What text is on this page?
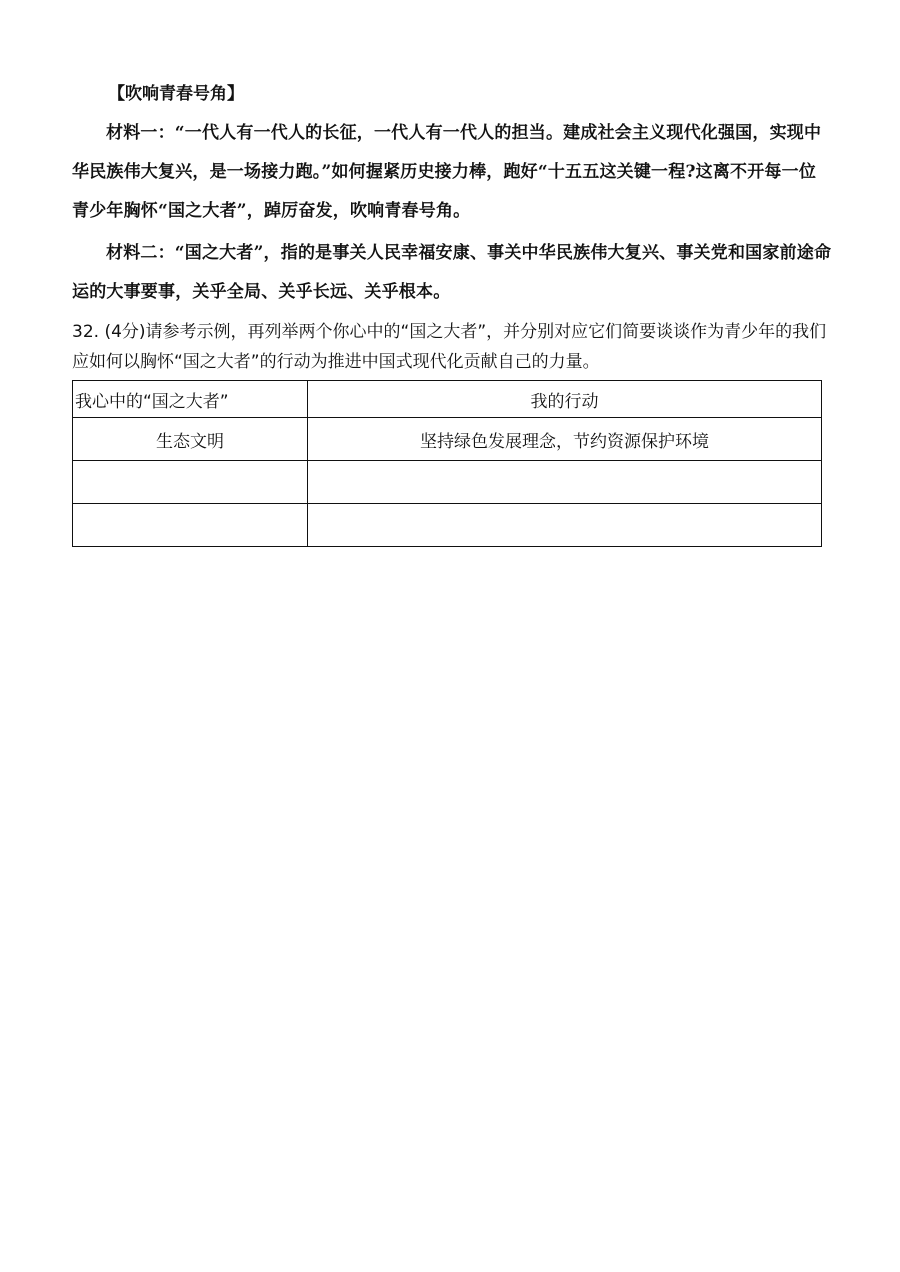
【吹响青春号角】

材料一：“一代人有一代人的长征，一代人有一代人的担当。建成社会主义现代化强国，实现中华民族伟大复兴，是一场接力跑。”如何握紧历史接力棒，跑好“十五五这关键一程?这离不开每一位青少年胸怀“国之大者”，踔厉奋发，吹响青春号角。

材料二：“国之大者”，指的是事关人民幸福安康、事关中华民族伟大复兴、事关党和国家前途命运的大事要事，关乎全局、关乎长远、关乎根本。

32. (4分)请参考示例，再列举两个你心中的“国之大者”，并分别对应它们简要谈谈作为青少年的我们应如何以胸怀“国之大者”的行动为推进中国式现代化贡献自己的力量。

我心中的“国之大者”	我的行动
生态文明	坚持绿色发展理念，节约资源保护环境
